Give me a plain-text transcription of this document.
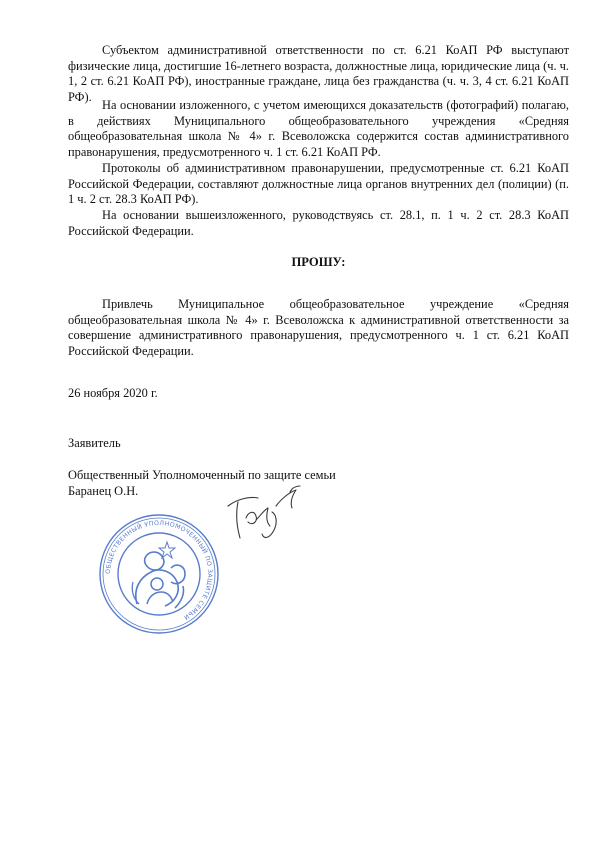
Субъектом административной ответственности по ст. 6.21 КоАП РФ выступают физические лица, достигшие 16-летнего возраста, должностные лица, юридические лица (ч. ч. 1, 2 ст. 6.21 КоАП РФ), иностранные граждане, лица без гражданства (ч. ч. 3, 4 ст. 6.21 КоАП РФ).

На основании изложенного, с учетом имеющихся доказательств (фотографий) полагаю, в действиях Муниципального общеобразовательного учреждения «Средняя общеобразовательная школа № 4» г. Всеволожска содержится состав административного правонарушения, предусмотренного ч. 1 ст. 6.21 КоАП РФ.

Протоколы об административном правонарушении, предусмотренные ст. 6.21 КоАП Российской Федерации, составляют должностные лица органов внутренних дел (полиции) (п. 1 ч. 2 ст. 28.3 КоАП РФ).

На основании вышеизложенного, руководствуясь ст. 28.1, п. 1 ч. 2 ст. 28.3 КоАП Российской Федерации.

ПРОШУ:

Привлечь Муниципальное общеобразовательное учреждение «Средняя общеобразовательная школа № 4» г. Всеволожска к административной ответственности за совершение административного правонарушения, предусмотренного ч. 1 ст. 6.21 КоАП Российской Федерации.

26 ноября 2020 г.

Заявитель

Общественный Уполномоченный по защите семьи

Баранец О.Н.

ОБЩЕСТВЕННЫЙ УПОЛНОМОЧЕННЫЙ ПО ЗАЩИТЕ СЕМЬИ
